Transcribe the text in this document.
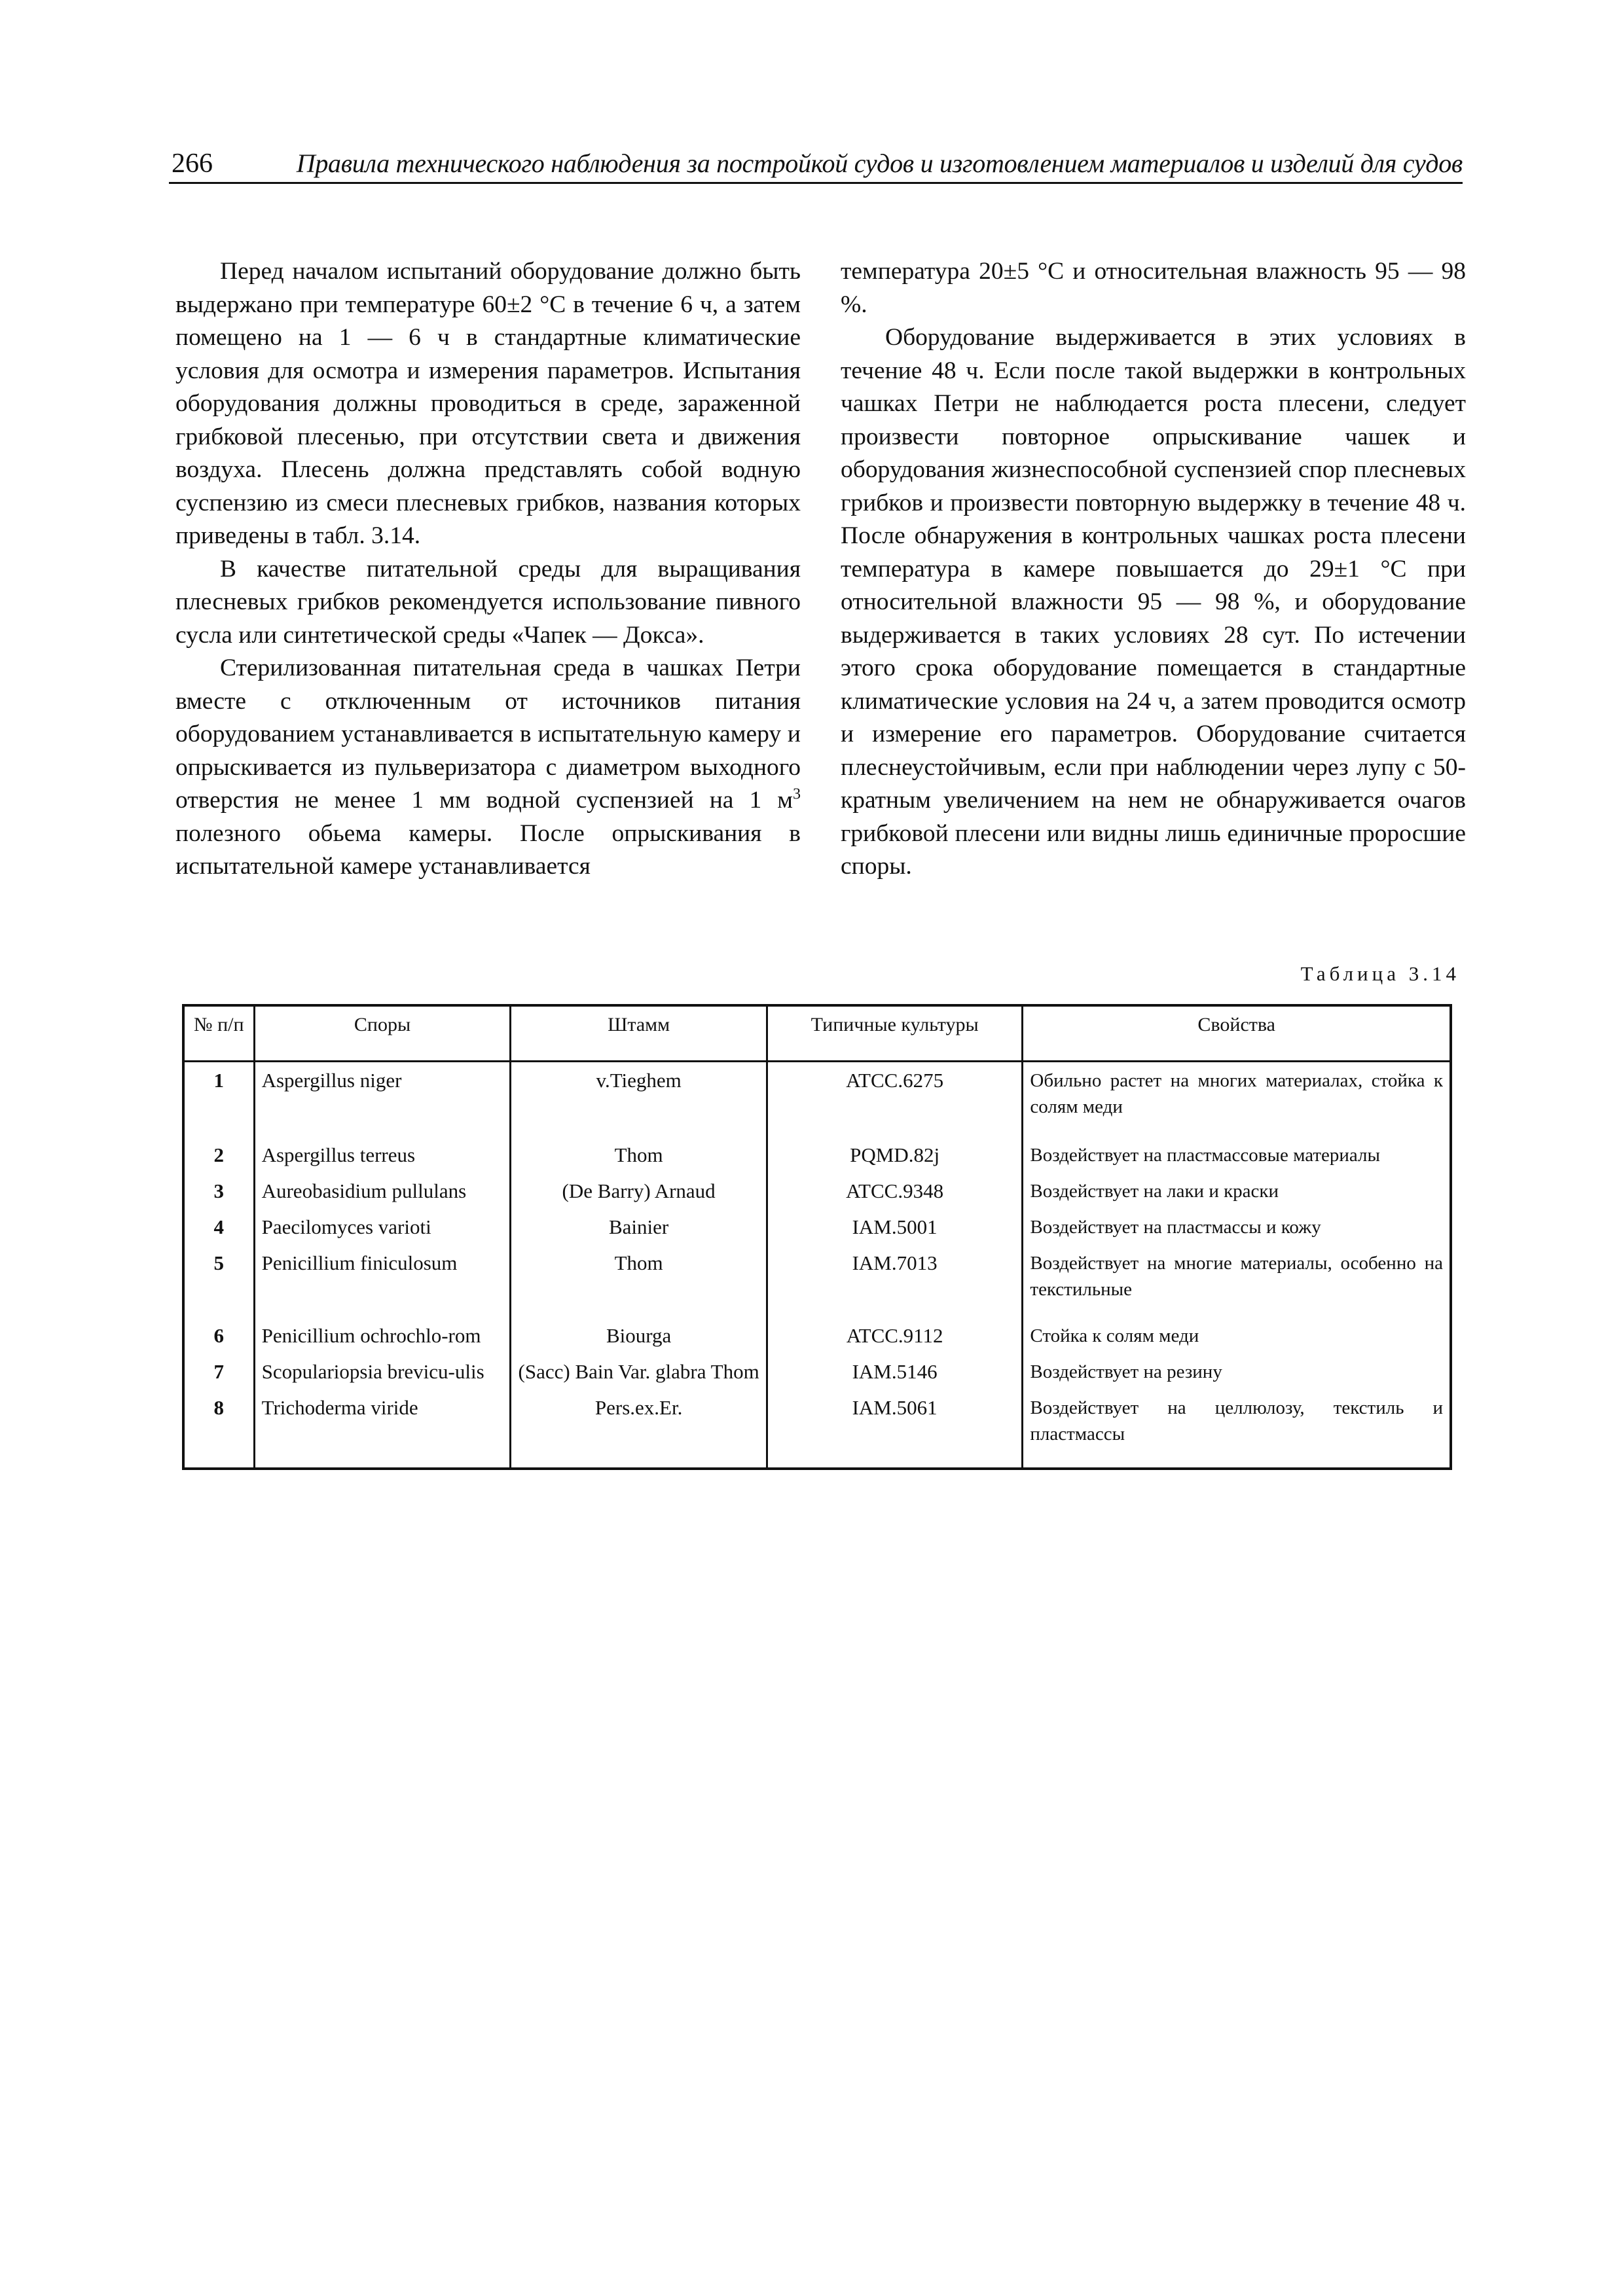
266	Правила технического наблюдения за постройкой судов и изготовлением материалов и изделий для судов

Перед началом испытаний оборудование должно быть выдержано при температуре 60±2 °С в течение 6 ч, а затем помещено на 1 — 6 ч в стандартные климатические условия для осмотра и измерения параметров. Испытания оборудования должны проводиться в среде, зараженной грибковой плесенью, при отсутствии света и движения воздуха. Плесень должна представлять собой водную суспензию из смеси плесневых грибков, названия которых приведены в табл. 3.14.

В качестве питательной среды для выращивания плесневых грибков рекомендуется использование пивного сусла или синтетической среды «Чапек — Докса».

Стерилизованная питательная среда в чашках Петри вместе с отключенным от источников питания оборудованием устанавливается в испытательную камеру и опрыскивается из пульверизатора с диаметром выходного отверстия не менее 1 мм водной суспензией на 1 $м^3$ полезного обьема камеры. После опрыскивания в испытательной камере устанавливается

температура 20±5 °С и относительная влажность 95 — 98 %.

Оборудование выдерживается в этих условиях в течение 48 ч. Если после такой выдержки в контрольных чашках Петри не наблюдается роста плесени, следует произвести повторное опрыскивание чашек и оборудования жизнеспособной суспензией спор плесневых грибков и произвести повторную выдержку в течение 48 ч. После обнаружения в контрольных чашках роста плесени температура в камере повышается до 29±1 °С при относительной влажности 95 — 98 %, и оборудование выдерживается в таких условиях 28 сут. По истечении этого срока оборудование помещается в стандартные климатические условия на 24 ч, а затем проводится осмотр и измерение его параметров. Оборудование считается плеснеустойчивым, если при наблюдении через лупу с 50-кратным увеличением на нем не обнаруживается очагов грибковой плесени или видны лишь единичные проросшие споры.

Таблица 3.14
№ п/п	Споры	Штамм	Типичные культуры	Свойства
1	Aspergillus niger	v.Tieghem	ATCC.6275	Обильно растет на многих материалах, стойка к солям меди
2	Aspergillus terreus	Thom	PQMD.82j	Воздействует на пластмассовые материалы
3	Aureobasidium pullulans	(De Barry) Arnaud	ATCC.9348	Воздействует на лаки и краски
4	Paecilomyces varioti	Bainier	IAM.5001	Воздействует на пластмассы и кожу
5	Penicillium finiculosum	Thom	IAM.7013	Воздействует на многие материалы, особенно на текстильные
6	Penicillium ochrochlo-rom	Biourga	ATCC.9112	Стойка к солям меди
7	Scopulariopsia brevicu-ulis	(Sacc) Bain Var. glabra Thom	IAM.5146	Воздействует на резину
8	Trichoderma viride	Pers.ex.Er.	IAM.5061	Воздействует на целлюлозу, текстиль и пластмассы
